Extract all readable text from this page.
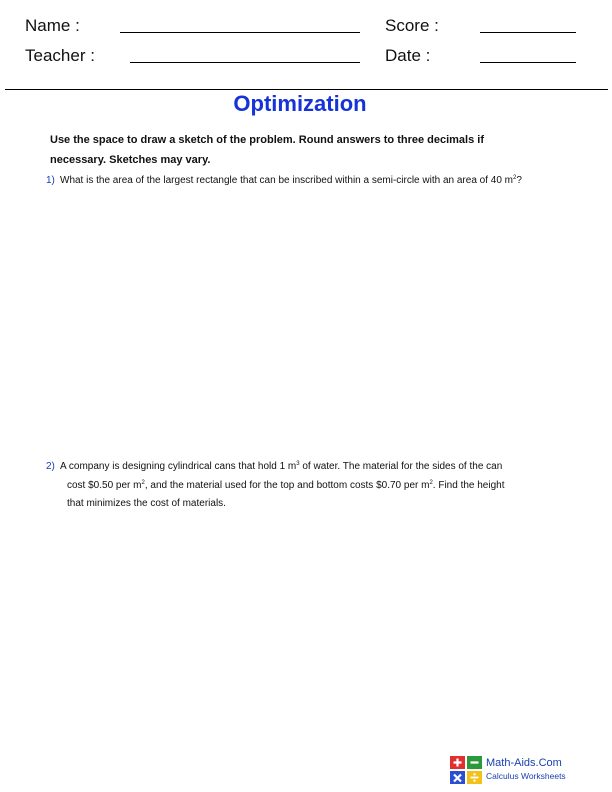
Name :	Score :
Teacher :	Date :
Optimization
Use the space to draw a sketch of the problem. Round answers to three decimals if
necessary. Sketches may vary.
1) What is the area of the largest rectangle that can be inscribed within a semi-circle with an area of 40 $m^2$?
2) A company is designing cylindrical cans that hold 1 $m^3$ of water. The material for the sides of the can
cost $0.50 per $m^2$, and the material used for the top and bottom costs $0.70 per $m^2$. Find the height
that minimizes the cost of materials.
Math-Aids.Com
Calculus Worksheets
